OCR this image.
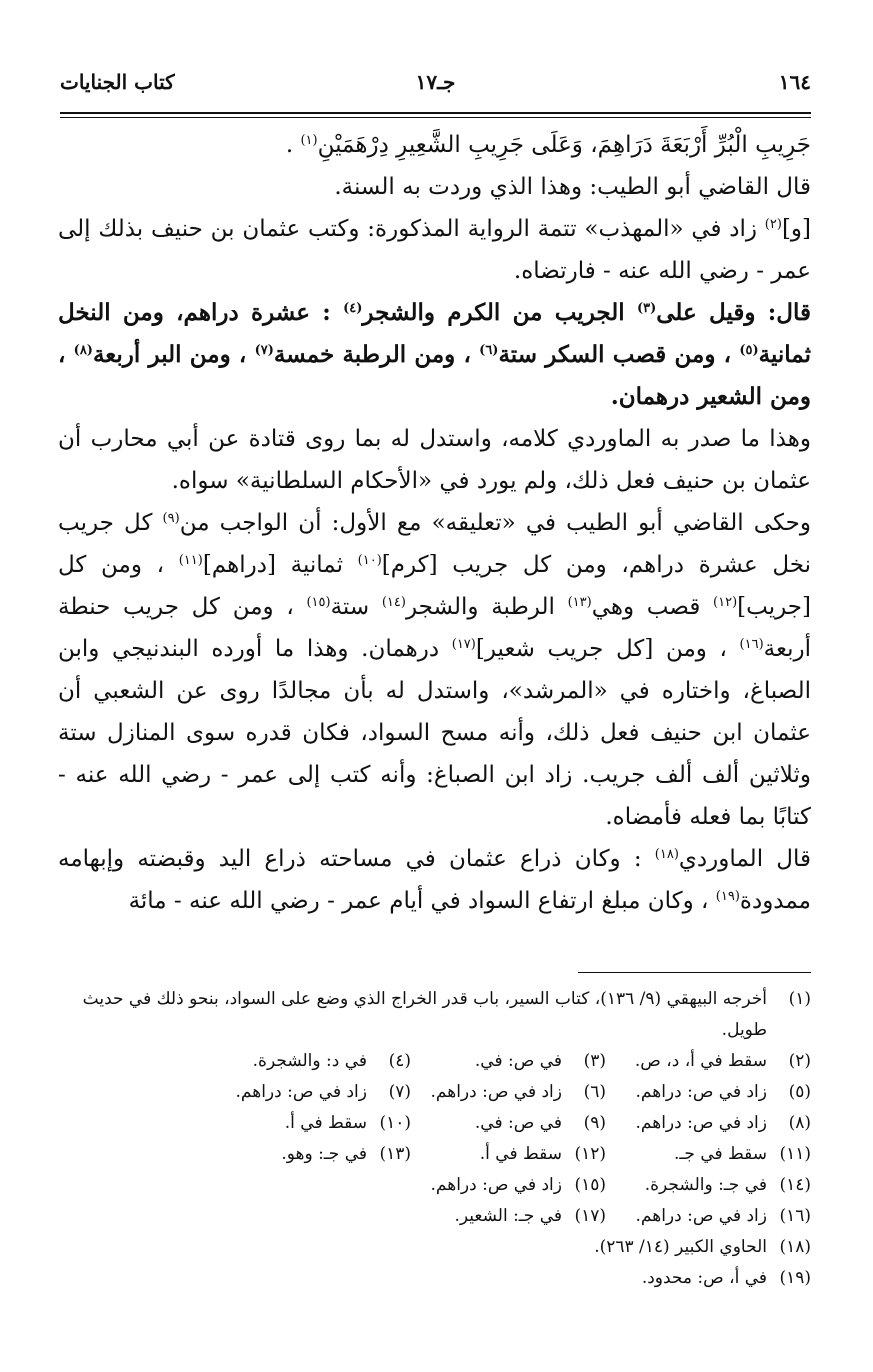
١٦٤
جـ١٧
كتاب الجنايات

جَرِيبِ الْبُرِّ أَرْبَعَةَ دَرَاهِمَ، وَعَلَى جَرِيبِ الشَّعِيرِ دِرْهَمَيْنِ$^{(١)}$ .

قال القاضي أبو الطيب: وهذا الذي وردت به السنة.

[و]$^{(٢)}$ زاد في «المهذب» تتمة الرواية المذكورة: وكتب عثمان بن حنيف بذلك إلى عمر - رضي الله عنه - فارتضاه.

قال: وقيل على$^{(٣)}$ الجريب من الكرم والشجر$^{(٤)}$ : عشرة دراهم، ومن النخل ثمانية$^{(٥)}$ ، ومن قصب السكر ستة$^{(٦)}$ ، ومن الرطبة خمسة$^{(٧)}$ ، ومن البر أربعة$^{(٨)}$ ، ومن الشعير درهمان.

وهذا ما صدر به الماوردي كلامه، واستدل له بما روى قتادة عن أبي محارب أن عثمان بن حنيف فعل ذلك، ولم يورد في «الأحكام السلطانية» سواه.

وحكى القاضي أبو الطيب في «تعليقه» مع الأول: أن الواجب من$^{(٩)}$ كل جريب نخل عشرة دراهم، ومن كل جريب [كرم]$^{(١٠)}$ ثمانية [دراهم]$^{(١١)}$ ، ومن كل [جريب]$^{(١٢)}$ قصب وهي$^{(١٣)}$ الرطبة والشجر$^{(١٤)}$ ستة$^{(١٥)}$ ، ومن كل جريب حنطة أربعة$^{(١٦)}$ ، ومن [كل جريب شعير]$^{(١٧)}$ درهمان. وهذا ما أورده البندنيجي وابن الصباغ، واختاره في «المرشد»، واستدل له بأن مجالدًا روى عن الشعبي أن عثمان ابن حنيف فعل ذلك، وأنه مسح السواد، فكان قدره سوى المنازل ستة وثلاثين ألف ألف جريب. زاد ابن الصباغ: وأنه كتب إلى عمر - رضي الله عنه - كتابًا بما فعله فأمضاه.

قال الماوردي$^{(١٨)}$ : وكان ذراع عثمان في مساحته ذراع اليد وقبضته وإبهامه ممدودة$^{(١٩)}$ ، وكان مبلغ ارتفاع السواد في أيام عمر - رضي الله عنه - مائة

(١)
أخرجه البيهقي (٩/ ١٣٦)، كتاب السير، باب قدر الخراج الذي وضع على السواد، بنحو ذلك في حديث طويل.
(٢)
سقط في أ، د، ص.
(٣)
في ص: في.
(٤)
في د: والشجرة.
(٥)
زاد في ص: دراهم.
(٦)
زاد في ص: دراهم.
(٧)
زاد في ص: دراهم.
(٨)
زاد في ص: دراهم.
(٩)
في ص: في.
(١٠)
سقط في أ.
(١١)
سقط في جـ.
(١٢)
سقط في أ.
(١٣)
في جـ: وهو.
(١٤)
في جـ: والشجرة.
(١٥)
زاد في ص: دراهم.
(١٦)
زاد في ص: دراهم.
(١٧)
في جـ: الشعير.
(١٨)
الحاوي الكبير (١٤/ ٢٦٣).
(١٩)
في أ، ص: محدود.
